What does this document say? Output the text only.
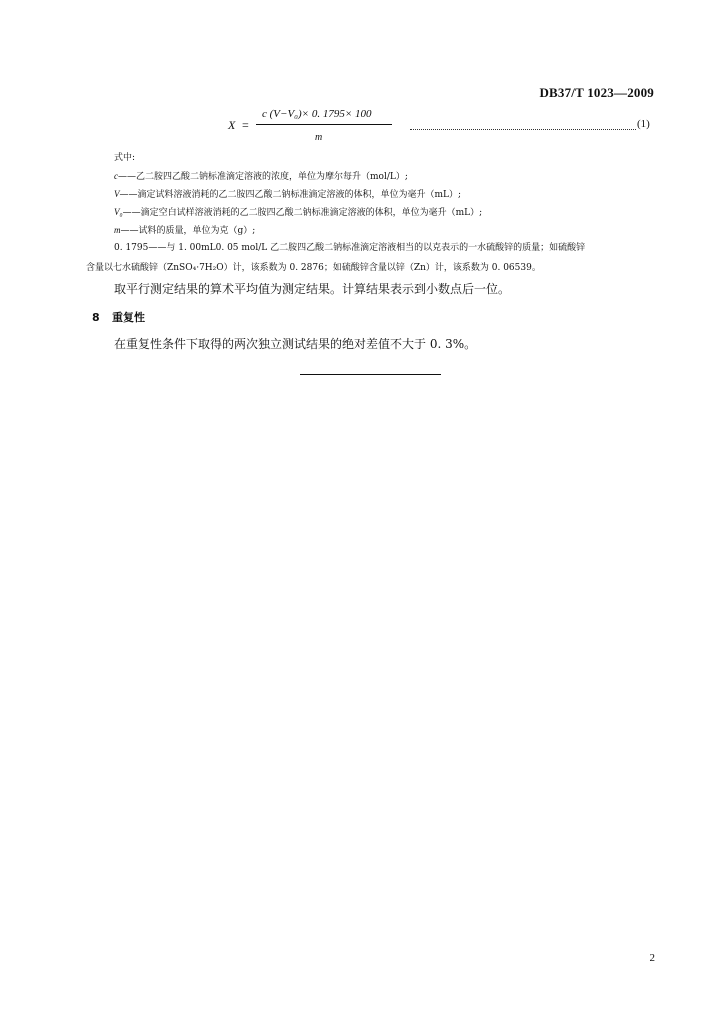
DB37/T 1023—2009
X =
c (V−V₀)× 0. 1795× 100
m
(1)
式中:
c——乙二胺四乙酸二钠标准滴定溶液的浓度，单位为摩尔每升（mol/L）;
V——滴定试料溶液消耗的乙二胺四乙酸二钠标准滴定溶液的体积，单位为毫升（mL）;
V₀——滴定空白试样溶液消耗的乙二胺四乙酸二钠标准滴定溶液的体积，单位为毫升（mL）;
m——试料的质量，单位为克（g）;
0. 1795——与 1. 00mL0. 05 mol/L 乙二胺四乙酸二钠标准滴定溶液相当的以克表示的一水硫酸锌的质量；如硫酸锌
含量以七水硫酸锌（ZnSO₄·7H₂O）计，该系数为 0. 2876；如硫酸锌含量以锌（Zn）计，该系数为 0. 06539。
取平行测定结果的算术平均值为测定结果。计算结果表示到小数点后一位。
8 重复性
在重复性条件下取得的两次独立测试结果的绝对差值不大于 0. 3%。
2
